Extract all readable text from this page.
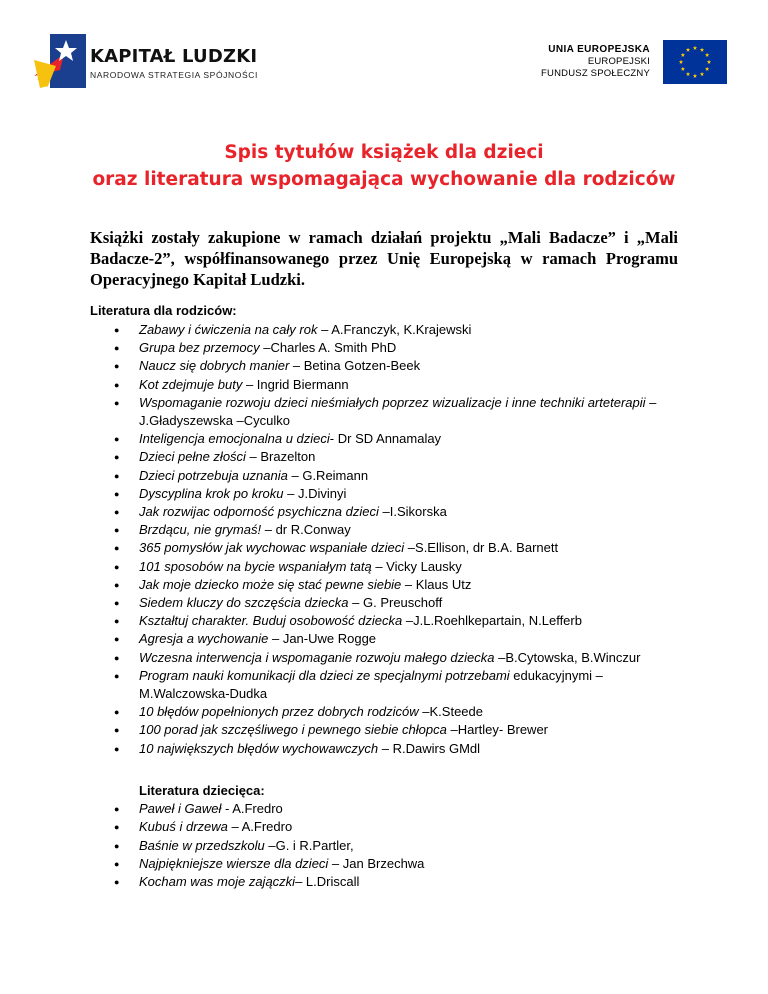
KAPITAŁ LUDZKI
NARODOWA STRATEGIA SPÓJNOŚCI
UNIA EUROPEJSKA
EUROPEJSKI
FUNDUSZ SPOŁECZNY
Spis tytułów książek dla dzieci
oraz literatura wspomagająca wychowanie dla rodziców
Książki zostały zakupione w ramach działań projektu „Mali Badacze” i „Mali Badacze-2”, współfinansowanego przez Unię Europejską w ramach Programu Operacyjnego Kapitał Ludzki.
Literatura dla rodziców:
● Zabawy i ćwiczenia na cały rok – A.Franczyk, K.Krajewski
● Grupa bez przemocy –Charles A. Smith PhD
● Naucz się dobrych manier – Betina Gotzen-Beek
● Kot zdejmuje buty – Ingrid Biermann
● Wspomaganie rozwoju dzieci nieśmiałych poprzez wizualizacje i inne techniki arteterapii –J.Gładyszewska –Cyculko
● Inteligencja emocjonalna u dzieci- Dr SD Annamalay
● Dzieci pełne złości – Brazelton
● Dzieci potrzebuja uznania – G.Reimann
● Dyscyplina krok po kroku – J.Divinyi
● Jak rozwijac odporność psychiczna dzieci –I.Sikorska
● Brzdącu, nie grymaś! – dr R.Conway
● 365 pomysłów jak wychowac wspaniałe dzieci –S.Ellison, dr B.A. Barnett
● 101 sposobów na bycie wspaniałym tatą – Vicky Lausky
● Jak moje dziecko może się stać pewne siebie – Klaus Utz
● Siedem kluczy do szczęścia dziecka – G. Preuschoff
● Kształtuj charakter. Buduj osobowość dziecka –J.L.Roehlkepartain, N.Lefferb
● Agresja a wychowanie – Jan-Uwe Rogge
● Wczesna interwencja i wspomaganie rozwoju małego dziecka –B.Cytowska, B.Winczur
● Program nauki komunikacji dla dzieci ze specjalnymi potrzebami edukacyjnymi – M.Walczowska-Dudka
● 10 błędów popełnionych przez dobrych rodziców –K.Steede
● 100 porad jak szczęśliwego i pewnego siebie chłopca –Hartley- Brewer
● 10 największych błędów wychowawczych – R.Dawirs GMdl
Literatura dziecięca:
● Paweł i Gaweł - A.Fredro
● Kubuś i drzewa – A.Fredro
● Baśnie w przedszkolu –G. i R.Partler,
● Najpiękniejsze wiersze dla dzieci – Jan Brzechwa
● Kocham was moje zajączki– L.Driscall
